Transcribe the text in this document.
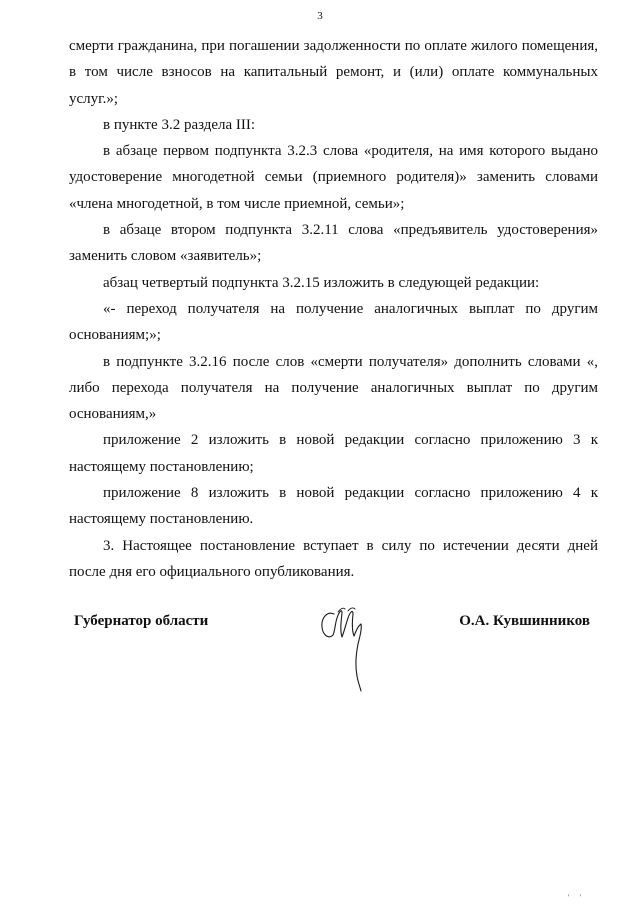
3

смерти гражданина, при погашении задолженности по оплате жилого помещения, в том числе взносов на капитальный ремонт, и (или) оплате коммунальных услуг.»;

в пункте 3.2 раздела III:

в абзаце первом подпункта 3.2.3 слова «родителя, на имя которого выдано удостоверение многодетной семьи (приемного родителя)» заменить словами «члена многодетной, в том числе приемной, семьи»;

в абзаце втором подпункта 3.2.11 слова «предъявитель удостоверения» заменить словом «заявитель»;

абзац четвертый подпункта 3.2.15 изложить в следующей редакции:

«- переход получателя на получение аналогичных выплат по другим основаниям;»;

в подпункте 3.2.16 после слов «смерти получателя» дополнить словами «, либо перехода получателя на получение аналогичных выплат по другим основаниям,»

приложение 2 изложить в новой редакции согласно приложению 3 к настоящему постановлению;

приложение 8 изложить в новой редакции согласно приложению 4 к настоящему постановлению.

3. Настоящее постановление вступает в силу по истечении десяти дней после дня его официального опубликования.

Губернатор области	О.А. Кувшинников
' '
